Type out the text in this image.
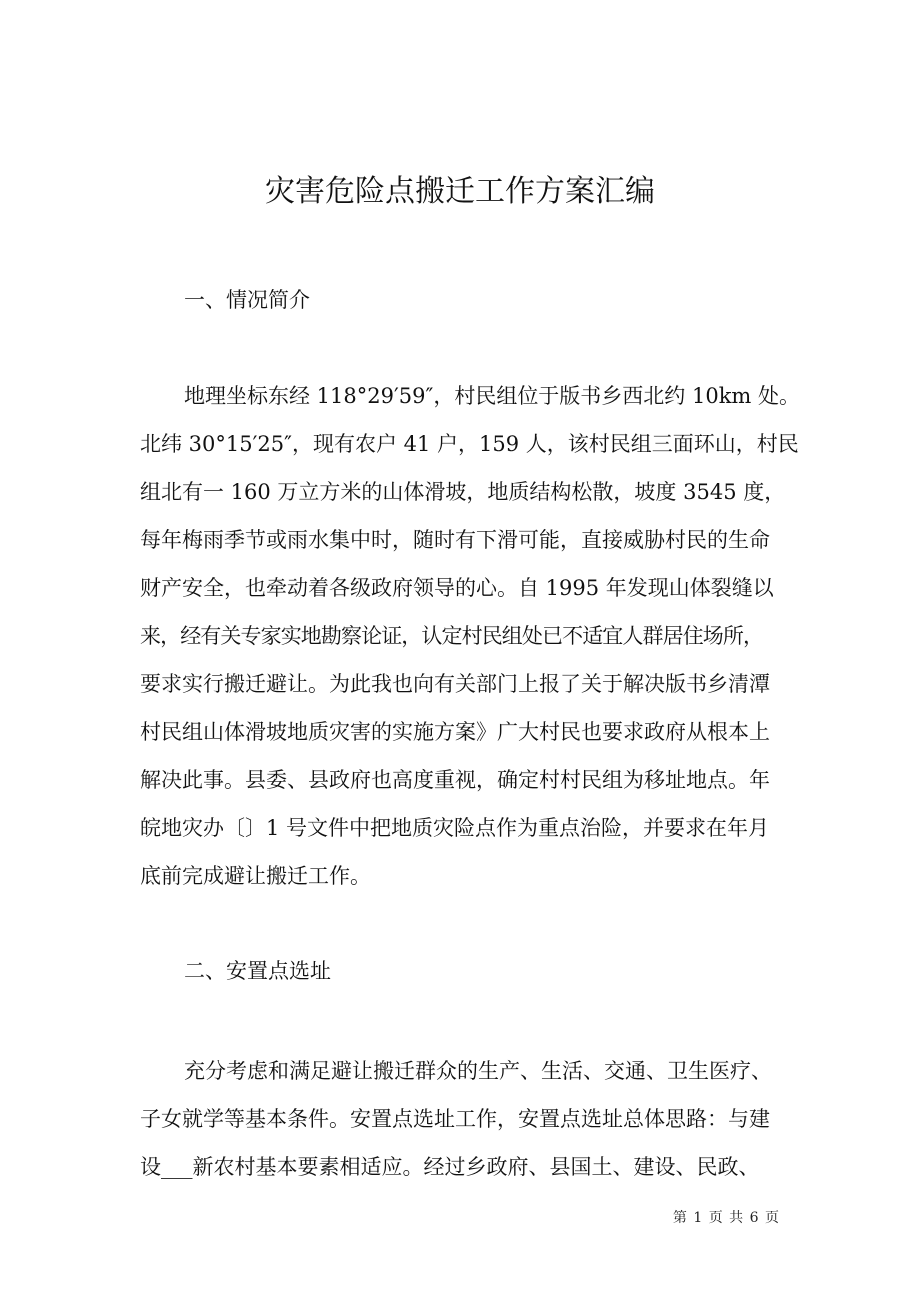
灾害危险点搬迁工作方案汇编
一、情况简介
地理坐标东经 118°29′59″，村民组位于版书乡西北约 10km 处。
北纬 30°15′25″，现有农户 41 户，159 人，该村民组三面环山，村民
组北有一 160 万立方米的山体滑坡，地质结构松散，坡度 3545 度，
每年梅雨季节或雨水集中时，随时有下滑可能，直接威胁村民的生命
财产安全，也牵动着各级政府领导的心。自 1995 年发现山体裂缝以
来，经有关专家实地勘察论证，认定村民组处已不适宜人群居住场所，
要求实行搬迁避让。为此我也向有关部门上报了关于解决版书乡清潭
村民组山体滑坡地质灾害的实施方案》广大村民也要求政府从根本上
解决此事。县委、县政府也高度重视，确定村村民组为移址地点。年
皖地灾办〔〕1 号文件中把地质灾险点作为重点治险，并要求在年月
底前完成避让搬迁工作。
二、安置点选址
充分考虑和满足避让搬迁群众的生产、生活、交通、卫生医疗、
子女就学等基本条件。安置点选址工作，安置点选址总体思路：与建
设___新农村基本要素相适应。经过乡政府、县国土、建设、民政、
第 1 页 共 6 页
